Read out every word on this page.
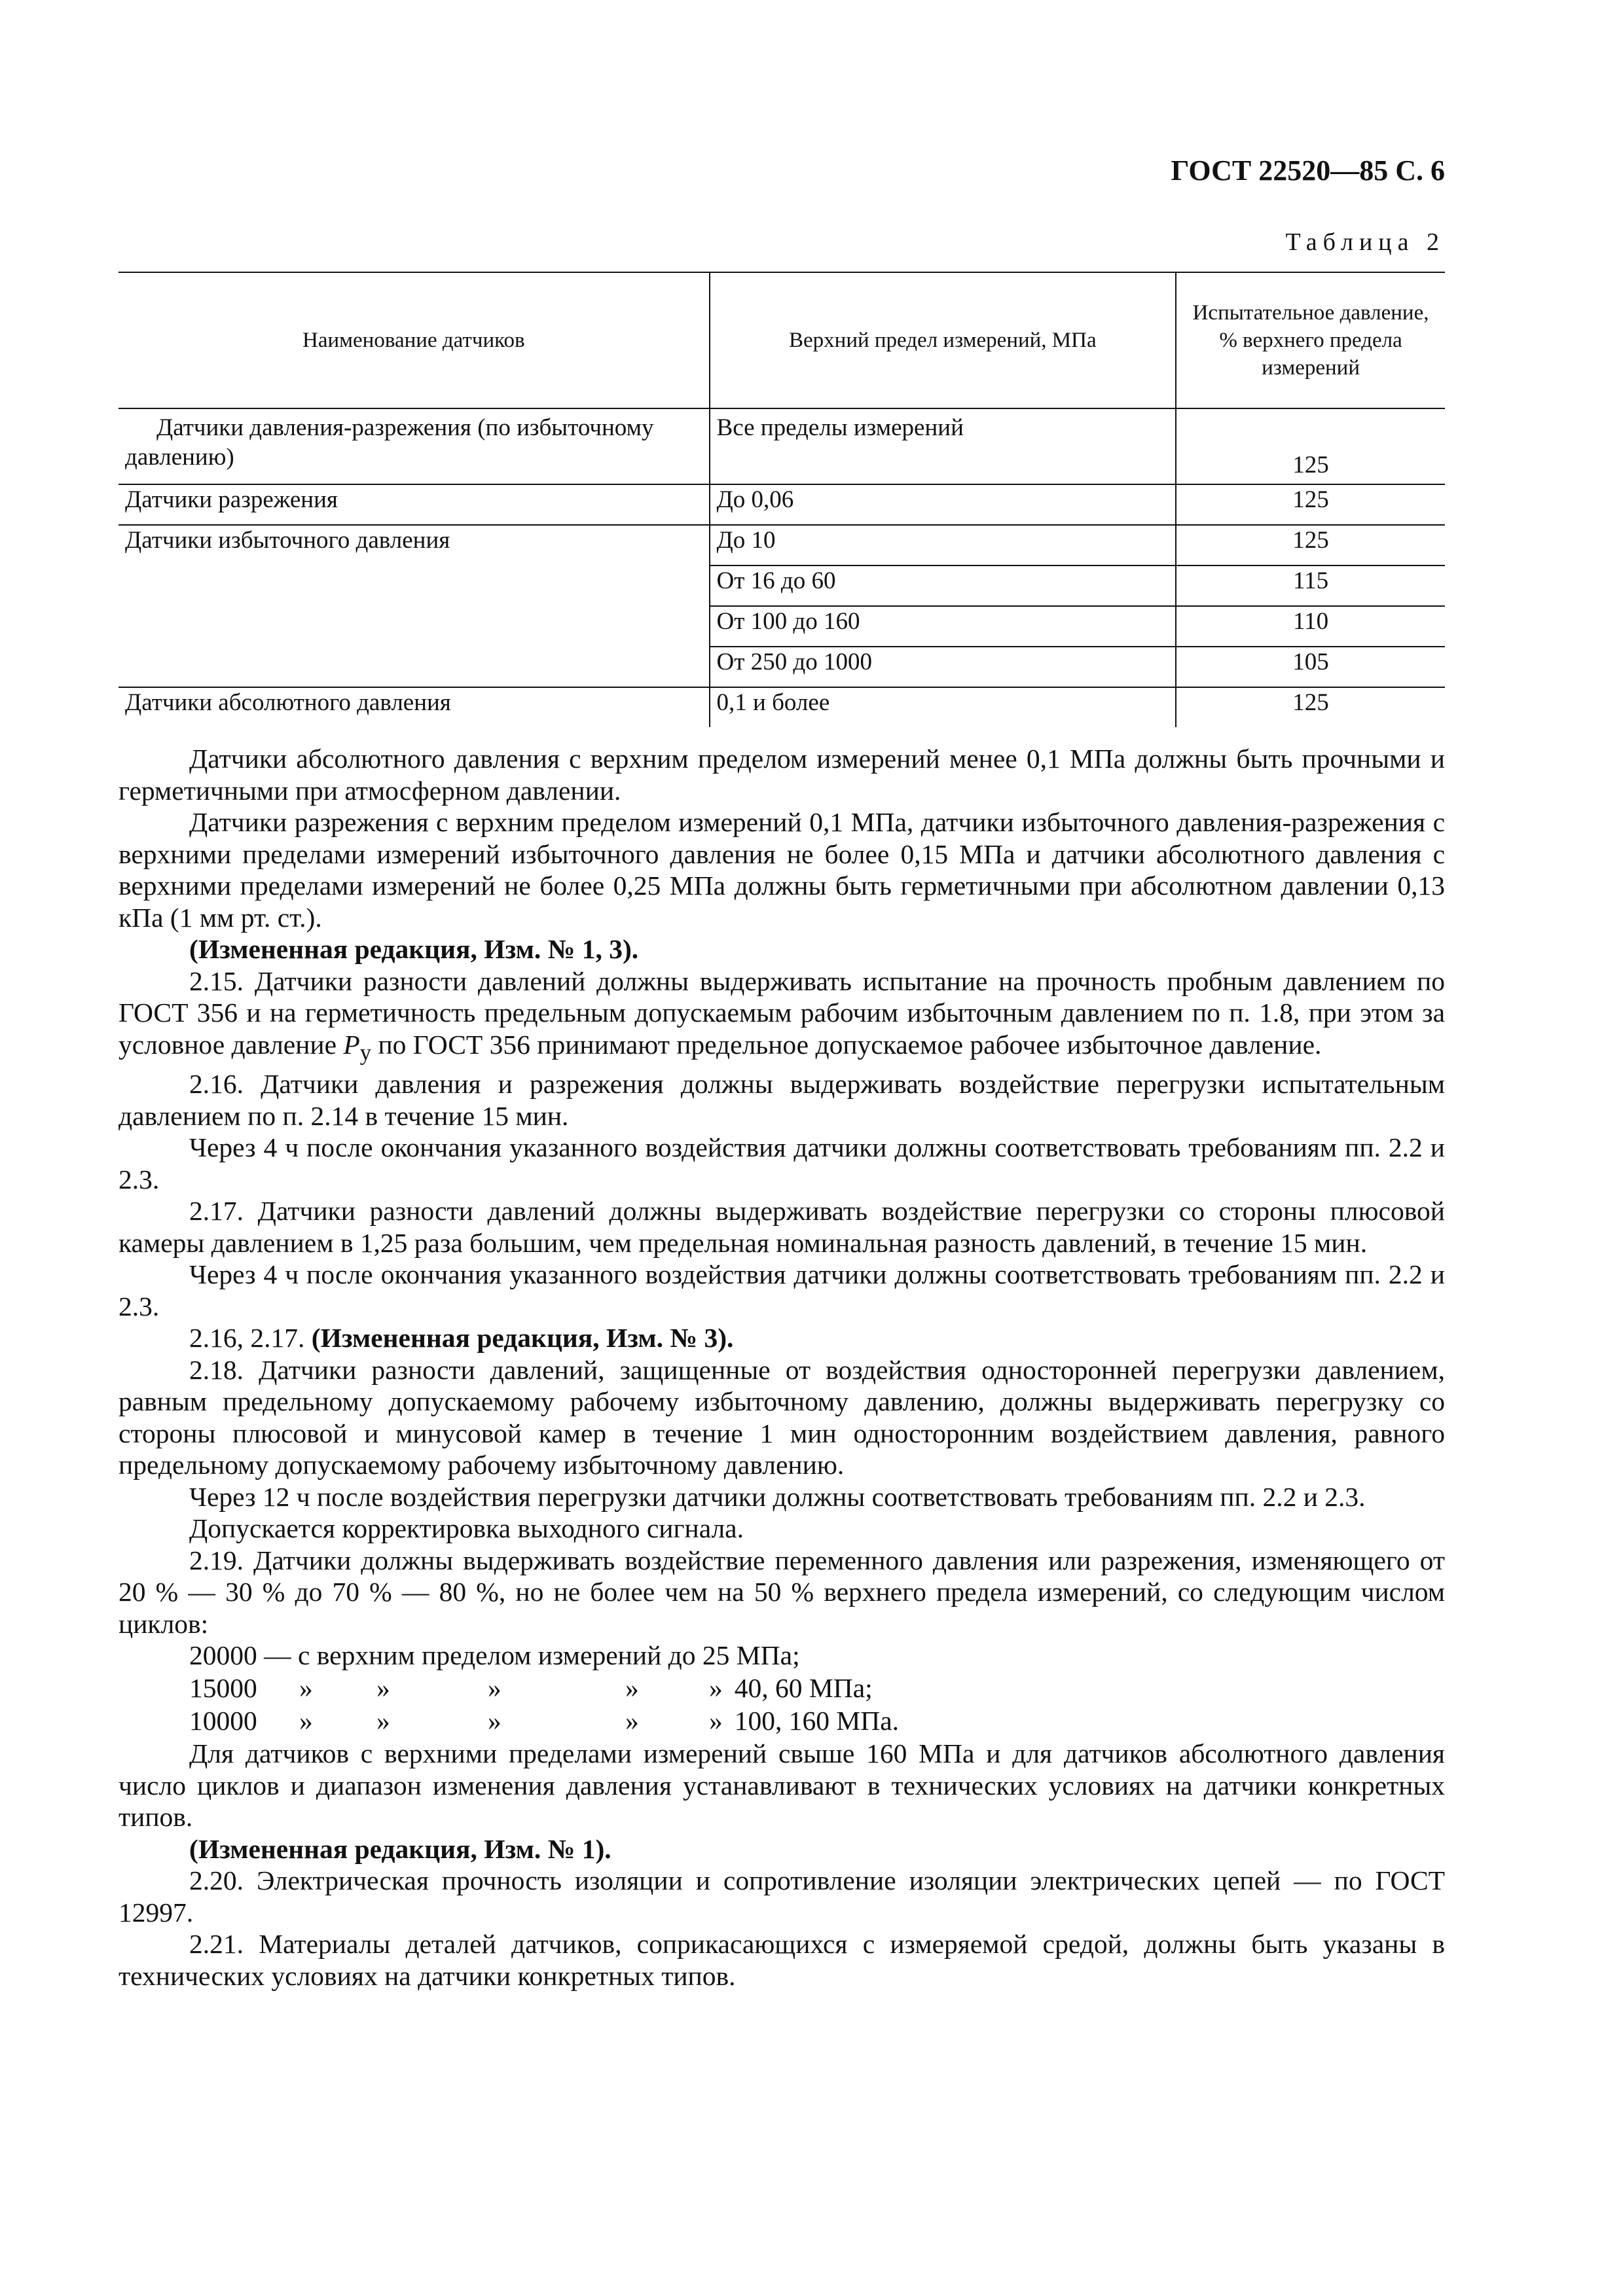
ГОСТ 22520—85 С. 6
Таблица 2
Наименование датчиков	Верхний предел измерений, МПа	Испытательное давление, % верхнего предела измерений
Датчики давления-разрежения (по избыточному давлению)	Все пределы измерений	125
Датчики разрежения	До 0,06	125
Датчики избыточного давления	До 10	125
	От 16 до 60	115
	От 100 до 160	110
	От 250 до 1000	105
Датчики абсолютного давления	0,1 и более	125

Датчики абсолютного давления с верхним пределом измерений менее 0,1 МПа должны быть прочными и герметичными при атмосферном давлении.

Датчики разрежения с верхним пределом измерений 0,1 МПа, датчики избыточного давления-разрежения с верхними пределами измерений избыточного давления не более 0,15 МПа и датчики абсолютного давления с верхними пределами измерений не более 0,25 МПа должны быть герметичными при абсолютном давлении 0,13 кПа (1 мм рт. ст.).

(Измененная редакция, Изм. № 1, 3).

2.15. Датчики разности давлений должны выдерживать испытание на прочность пробным давлением по ГОСТ 356 и на герметичность предельным допускаемым рабочим избыточным давлением по п. 1.8, при этом за условное давление $P_у$ по ГОСТ 356 принимают предельное допускаемое рабочее избыточное давление.

2.16. Датчики давления и разрежения должны выдерживать воздействие перегрузки испытательным давлением по п. 2.14 в течение 15 мин.

Через 4 ч после окончания указанного воздействия датчики должны соответствовать требованиям пп. 2.2 и 2.3.

2.17. Датчики разности давлений должны выдерживать воздействие перегрузки со стороны плюсовой камеры давлением в 1,25 раза большим, чем предельная номинальная разность давлений, в течение 15 мин.

Через 4 ч после окончания указанного воздействия датчики должны соответствовать требованиям пп. 2.2 и 2.3.

2.16, 2.17. (Измененная редакция, Изм. № 3).

2.18. Датчики разности давлений, защищенные от воздействия односторонней перегрузки давлением, равным предельному допускаемому рабочему избыточному давлению, должны выдерживать перегрузку со стороны плюсовой и минусовой камер в течение 1 мин односторонним воздействием давления, равного предельному допускаемому рабочему избыточному давлению.

Через 12 ч после воздействия перегрузки датчики должны соответствовать требованиям пп. 2.2 и 2.3.

Допускается корректировка выходного сигнала.

2.19. Датчики должны выдерживать воздействие переменного давления или разрежения, изменяющего от 20 % — 30 % до 70 % — 80 %, но не более чем на 50 % верхнего предела измерений, со следующим числом циклов:

20000 — с верхним пределом измерений до 25 МПа;
15000	»	»	»	»	» 40, 60 МПа;
10000	»	»	»	»	» 100, 160 МПа.

Для датчиков с верхними пределами измерений свыше 160 МПа и для датчиков абсолютного давления число циклов и диапазон изменения давления устанавливают в технических условиях на датчики конкретных типов.

(Измененная редакция, Изм. № 1).

2.20. Электрическая прочность изоляции и сопротивление изоляции электрических цепей — по ГОСТ 12997.

2.21. Материалы деталей датчиков, соприкасающихся с измеряемой средой, должны быть указаны в технических условиях на датчики конкретных типов.
